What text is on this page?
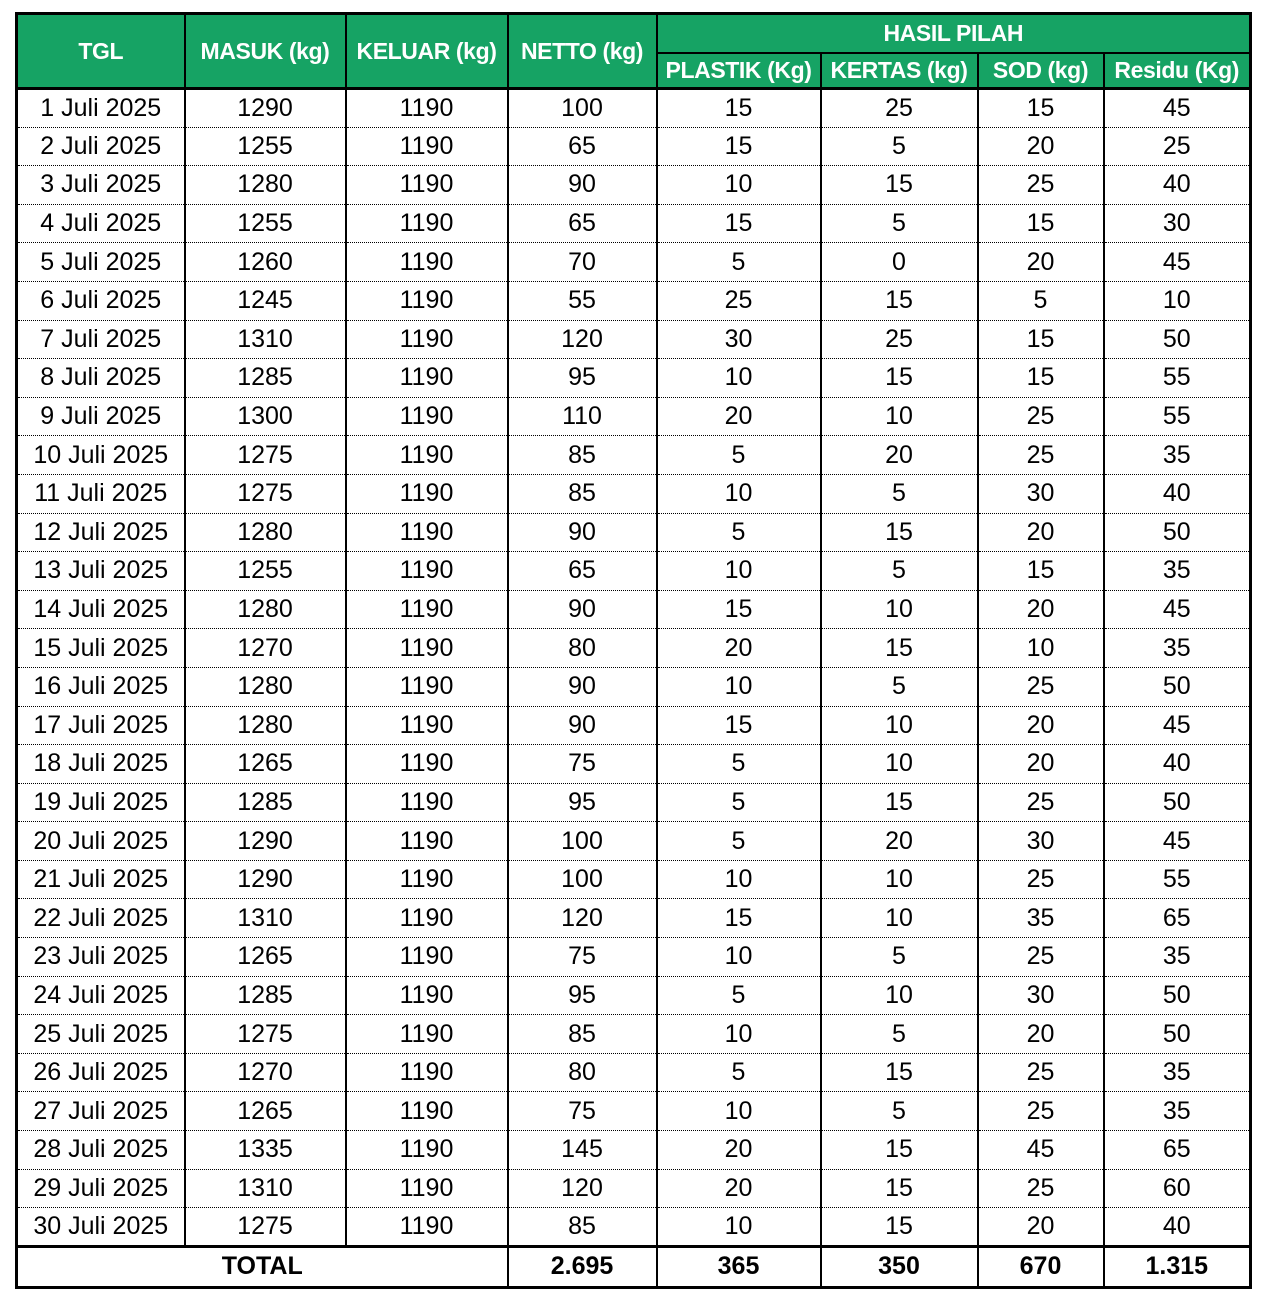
TGL	MASUK (kg)	KELUAR (kg)	NETTO (kg)	HASIL PILAH			
				PLASTIK (Kg)	KERTAS (kg)	SOD (kg)	Residu (Kg)
1 Juli 2025	1290	1190	100	15	25	15	45
2 Juli 2025	1255	1190	65	15	5	20	25
3 Juli 2025	1280	1190	90	10	15	25	40
4 Juli 2025	1255	1190	65	15	5	15	30
5 Juli 2025	1260	1190	70	5	0	20	45
6 Juli 2025	1245	1190	55	25	15	5	10
7 Juli 2025	1310	1190	120	30	25	15	50
8 Juli 2025	1285	1190	95	10	15	15	55
9 Juli 2025	1300	1190	110	20	10	25	55
10 Juli 2025	1275	1190	85	5	20	25	35
11 Juli 2025	1275	1190	85	10	5	30	40
12 Juli 2025	1280	1190	90	5	15	20	50
13 Juli 2025	1255	1190	65	10	5	15	35
14 Juli 2025	1280	1190	90	15	10	20	45
15 Juli 2025	1270	1190	80	20	15	10	35
16 Juli 2025	1280	1190	90	10	5	25	50
17 Juli 2025	1280	1190	90	15	10	20	45
18 Juli 2025	1265	1190	75	5	10	20	40
19 Juli 2025	1285	1190	95	5	15	25	50
20 Juli 2025	1290	1190	100	5	20	30	45
21 Juli 2025	1290	1190	100	10	10	25	55
22 Juli 2025	1310	1190	120	15	10	35	65
23 Juli 2025	1265	1190	75	10	5	25	35
24 Juli 2025	1285	1190	95	5	10	30	50
25 Juli 2025	1275	1190	85	10	5	20	50
26 Juli 2025	1270	1190	80	5	15	25	35
27 Juli 2025	1265	1190	75	10	5	25	35
28 Juli 2025	1335	1190	145	20	15	45	65
29 Juli 2025	1310	1190	120	20	15	25	60
30 Juli 2025	1275	1190	85	10	15	20	40
TOTAL			2.695	365	350	670	1.315
